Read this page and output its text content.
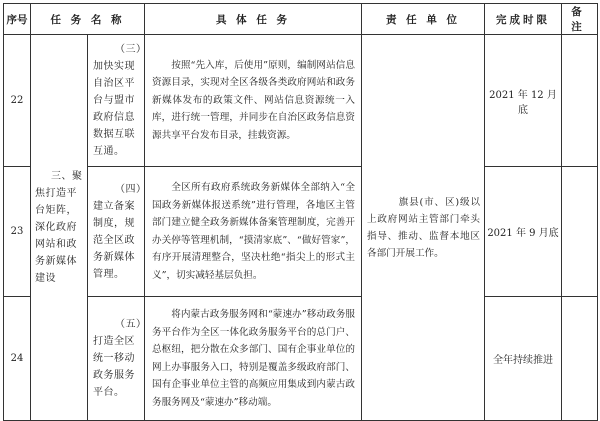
序号	任 务 名 称		具 体 任 务	责 任 单 位	完成时限	备 注
22	三、聚焦打造平台矩阵，深化政府网站和政务新媒体建设	（三）加快实现自治区平台与盟市政府信息数据互联互通。	按照“先入库，后使用”原则，编制网站信息资源目录，实现对全区各级各类政府网站和政务新媒体发布的政策文件、网站信息资源统一入库，进行统一管理，并同步在自治区政务信息资源共享平台发布目录，挂载资源。	旗县(市、区)级以上政府网站主管部门牵头指导、推动、监督本地区各部门开展工作。	2021 年 12 月底	
23		（四）建立备案制度，规范全区政务新媒体管理。	全区所有政府系统政务新媒体全部纳入“全国政务新媒体报送系统”进行管理，各地区主管部门建立健全政务新媒体备案管理制度，完善开办关停等管理机制，“摸清家底”、“做好管家”，有序开展清理整合，坚决杜绝“指尖上的形式主义”，切实减轻基层负担。		2021 年 9 月底	
24		（五）打造全区统一移动政务服务平台。	将内蒙古政务服务网和“蒙速办”移动政务服务平台作为全区一体化政务服务平台的总门户、总枢纽，把分散在众多部门、国有企事业单位的网上办事服务入口，特别是覆盖多级政府部门、国有企事业单位主管的高频应用集成到内蒙古政务服务网及“蒙速办”移动端。		全年持续推进	
